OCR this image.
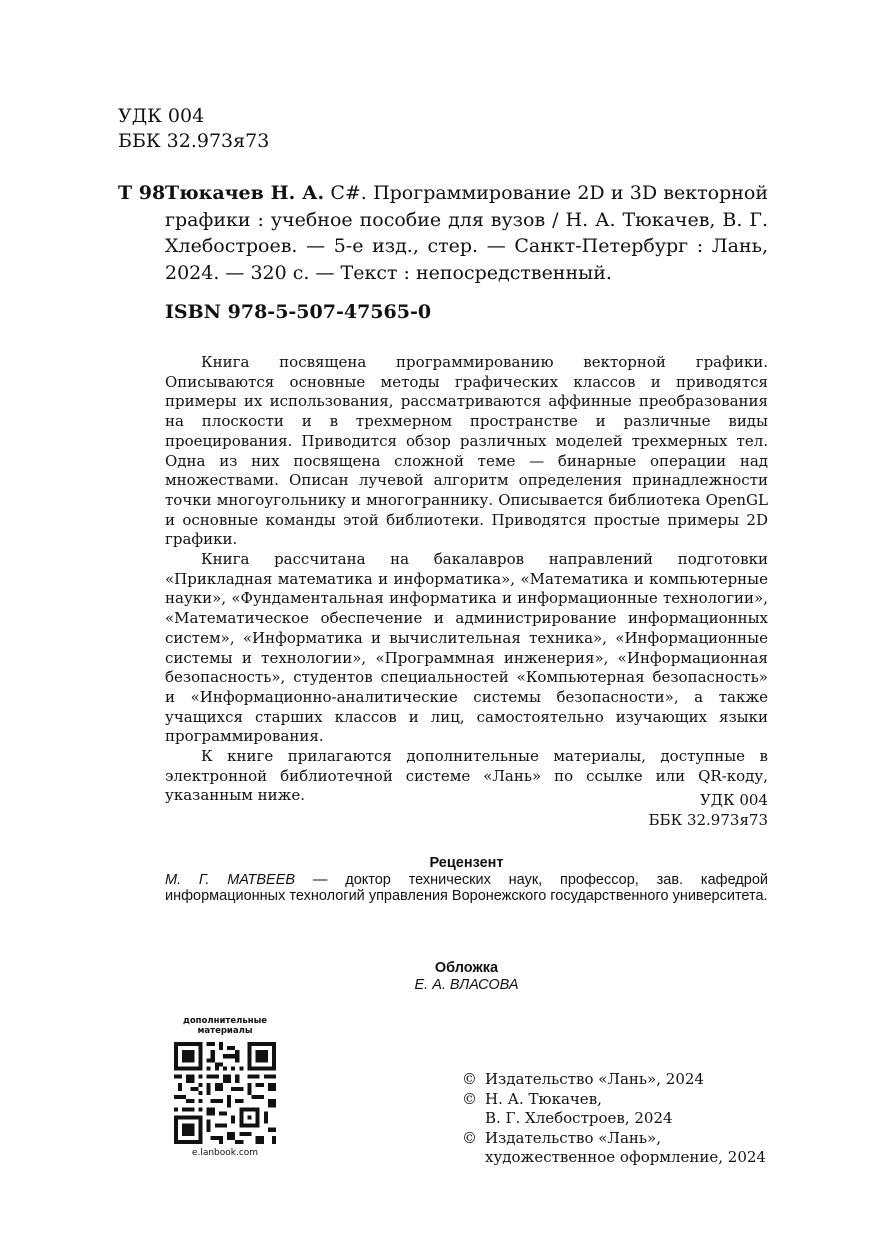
УДК 004
ББК 32.973я73
Т 98 Тюкачев Н. А. C#. Программирование 2D и 3D векторной графики : учебное пособие для вузов / Н. А. Тюкачев, В. Г. Хлебостроев. — 5-е изд., стер. — Санкт-Петербург : Лань, 2024. — 320 с. — Текст : непосредственный.
ISBN 978-5-507-47565-0

Книга посвящена программированию векторной графики. Описываются основные методы графических классов и приводятся примеры их использования, рассматриваются аффинные преобразования на плоскости и в трехмерном пространстве и различные виды проецирования. Приводится обзор различных моделей трехмерных тел. Одна из них посвящена сложной теме — бинарные операции над множествами. Описан лучевой алгоритм определения принадлежности точки многоугольнику и многограннику. Описывается библиотека OpenGL и основные команды этой библиотеки. Приводятся простые примеры 2D графики.

Книга рассчитана на бакалавров направлений подготовки «Прикладная математика и информатика», «Математика и компьютерные науки», «Фундаментальная информатика и информационные технологии», «Математическое обеспечение и администрирование информационных систем», «Информатика и вычислительная техника», «Информационные системы и технологии», «Программная инженерия», «Информационная безопасность», студентов специальностей «Компьютерная безопасность» и «Информационно-аналитические системы безопасности», а также учащихся старших классов и лиц, самостоятельно изучающих языки программирования.

К книге прилагаются дополнительные материалы, доступные в электронной библиотечной системе «Лань» по ссылке или QR-коду, указанным ниже.	УДК 004
ББК 32.973я73
Рецензент
М. Г. МАТВЕЕВ — доктор технических наук, профессор, зав. кафедрой информационных технологий управления Воронежского государственного университета.
Обложка
Е. А. ВЛАСОВА
дополнительные
материалы
e.lanbook.com
© Издательство «Лань», 2024
© Н. А. Тюкачев,
В. Г. Хлебостроев, 2024
© Издательство «Лань»,
художественное оформление, 2024
